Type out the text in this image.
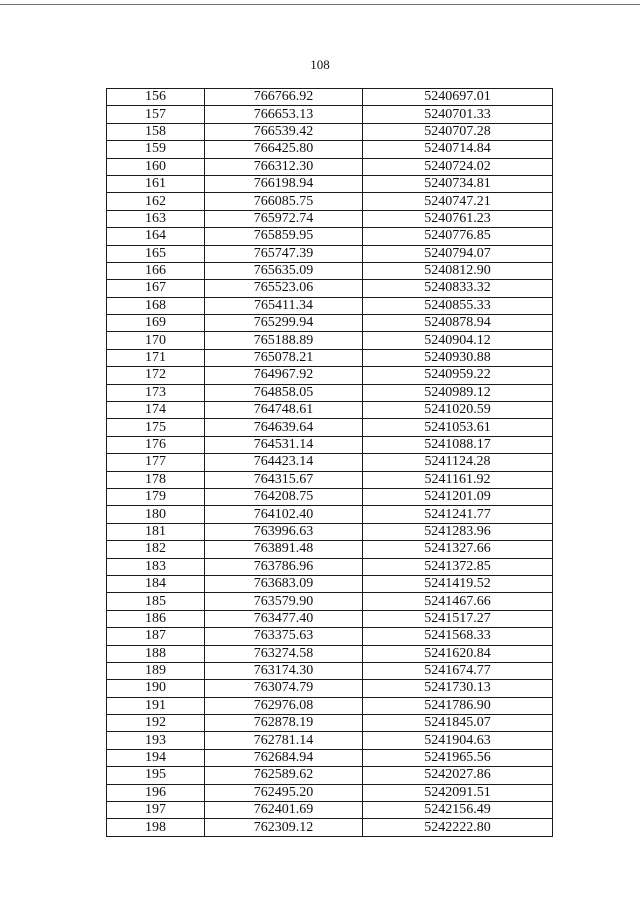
108
156	766766.92	5240697.01
157	766653.13	5240701.33
158	766539.42	5240707.28
159	766425.80	5240714.84
160	766312.30	5240724.02
161	766198.94	5240734.81
162	766085.75	5240747.21
163	765972.74	5240761.23
164	765859.95	5240776.85
165	765747.39	5240794.07
166	765635.09	5240812.90
167	765523.06	5240833.32
168	765411.34	5240855.33
169	765299.94	5240878.94
170	765188.89	5240904.12
171	765078.21	5240930.88
172	764967.92	5240959.22
173	764858.05	5240989.12
174	764748.61	5241020.59
175	764639.64	5241053.61
176	764531.14	5241088.17
177	764423.14	5241124.28
178	764315.67	5241161.92
179	764208.75	5241201.09
180	764102.40	5241241.77
181	763996.63	5241283.96
182	763891.48	5241327.66
183	763786.96	5241372.85
184	763683.09	5241419.52
185	763579.90	5241467.66
186	763477.40	5241517.27
187	763375.63	5241568.33
188	763274.58	5241620.84
189	763174.30	5241674.77
190	763074.79	5241730.13
191	762976.08	5241786.90
192	762878.19	5241845.07
193	762781.14	5241904.63
194	762684.94	5241965.56
195	762589.62	5242027.86
196	762495.20	5242091.51
197	762401.69	5242156.49
198	762309.12	5242222.80
